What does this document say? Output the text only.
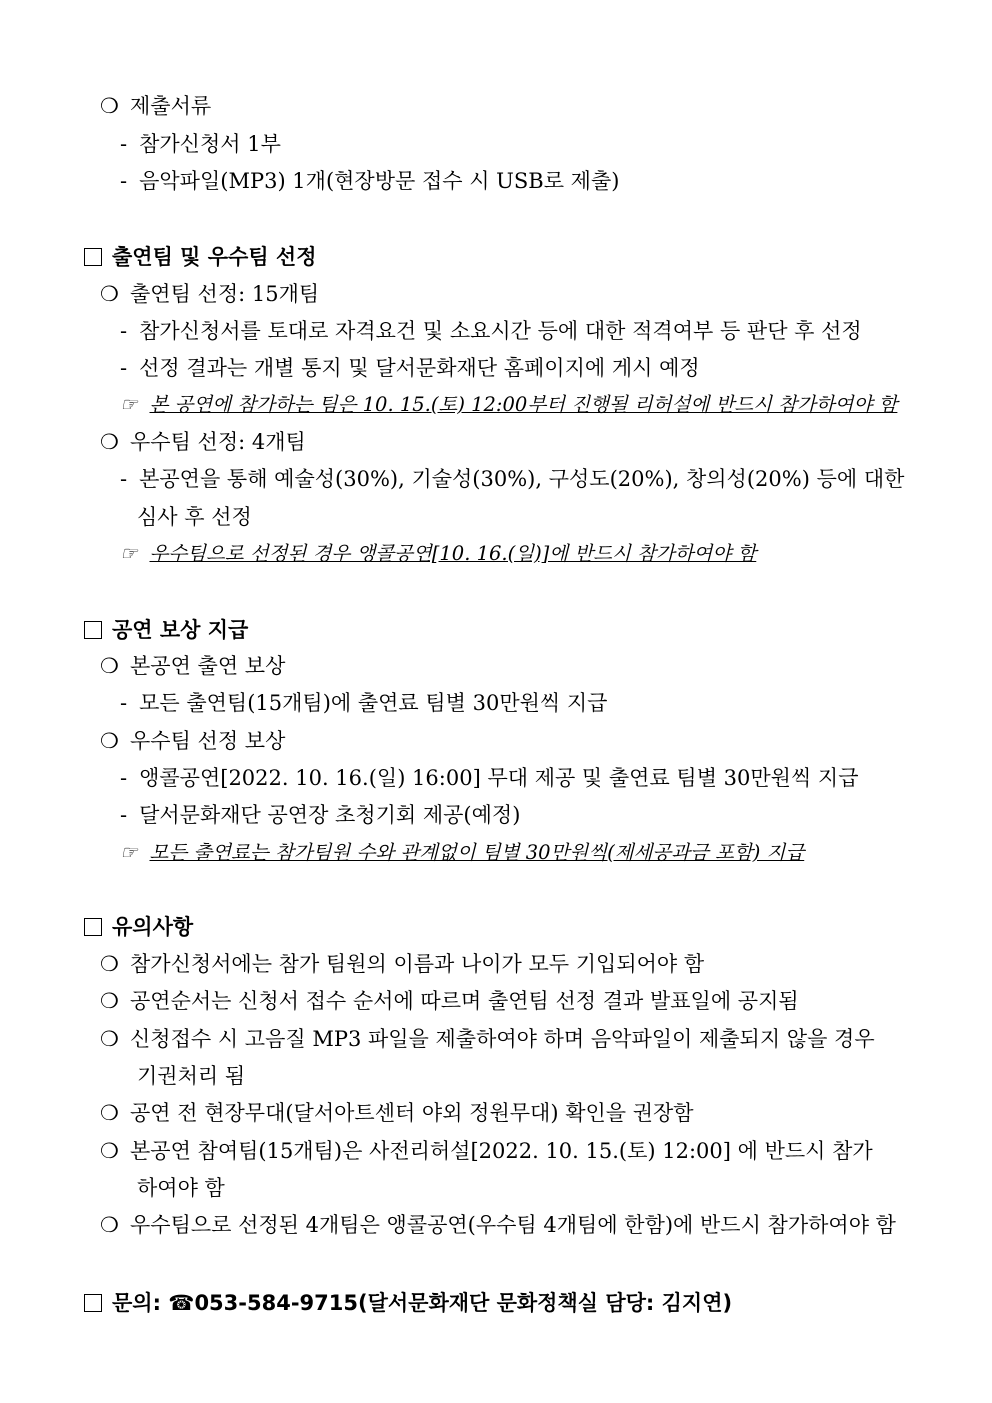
❍ 제출서류
- 참가신청서 1부
- 음악파일(MP3) 1개(현장방문 접수 시 USB로 제출)
출연팀 및 우수팀 선정
❍ 출연팀 선정: 15개팀
- 참가신청서를 토대로 자격요건 및 소요시간 등에 대한 적격여부 등 판단 후 선정
- 선정 결과는 개별 통지 및 달서문화재단 홈페이지에 게시 예정
☞ 본 공연에 참가하는 팀은 10. 15.(토) 12:00부터 진행될 리허설에 반드시 참가하여야 함
❍ 우수팀 선정: 4개팀
- 본공연을 통해 예술성(30%), 기술성(30%), 구성도(20%), 창의성(20%) 등에 대한
심사 후 선정
☞ 우수팀으로 선정된 경우 앵콜공연[10. 16.(일)]에 반드시 참가하여야 함
공연 보상 지급
❍ 본공연 출연 보상
- 모든 출연팀(15개팀)에 출연료 팀별 30만원씩 지급
❍ 우수팀 선정 보상
- 앵콜공연[2022. 10. 16.(일) 16:00] 무대 제공 및 출연료 팀별 30만원씩 지급
- 달서문화재단 공연장 초청기회 제공(예정)
☞ 모든 출연료는 참가팀원 수와 관계없이 팀별 30만원씩(제세공과금 포함) 지급
유의사항
❍ 참가신청서에는 참가 팀원의 이름과 나이가 모두 기입되어야 함
❍ 공연순서는 신청서 접수 순서에 따르며 출연팀 선정 결과 발표일에 공지됨
❍ 신청접수 시 고음질 MP3 파일을 제출하여야 하며 음악파일이 제출되지 않을 경우
기권처리 됨
❍ 공연 전 현장무대(달서아트센터 야외 정원무대) 확인을 권장함
❍ 본공연 참여팀(15개팀)은 사전리허설[2022. 10. 15.(토) 12:00] 에 반드시 참가
하여야 함
❍ 우수팀으로 선정된 4개팀은 앵콜공연(우수팀 4개팀에 한함)에 반드시 참가하여야 함
문의: ☎053-584-9715(달서문화재단 문화정책실 담당: 김지연)
